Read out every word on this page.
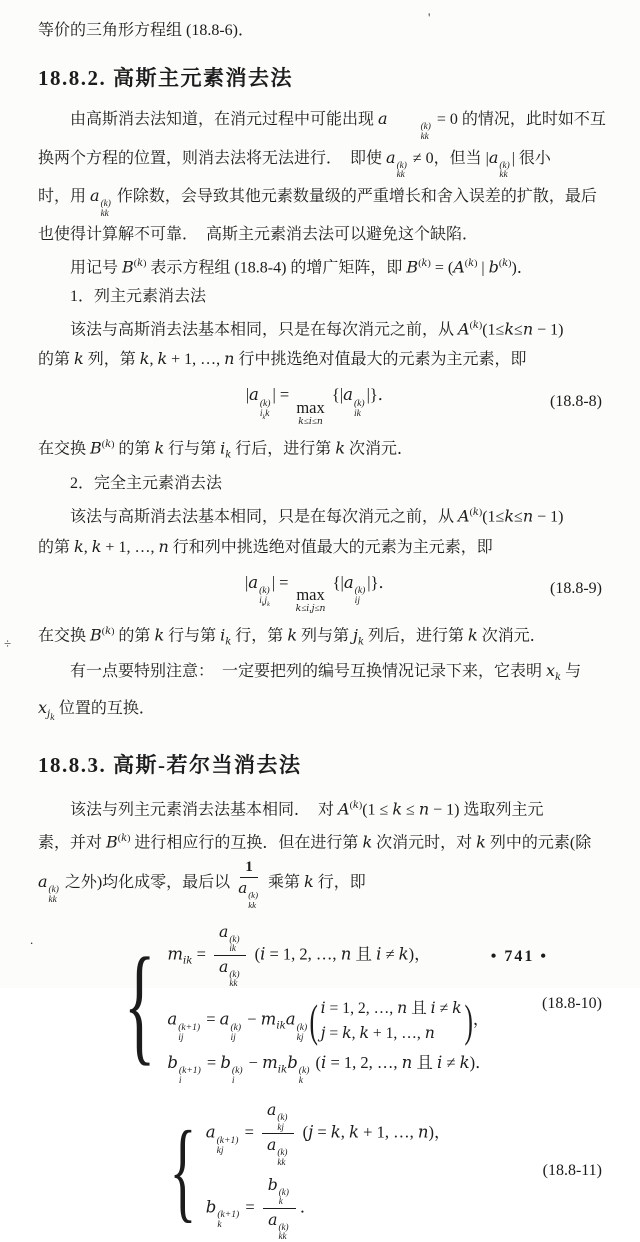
'
÷
.
等价的三角形方程组 (18.8-6)．
18.8.2. 高斯主元素消去法
由高斯消去法知道，在消元过程中可能出现 a	(k)
kk
= 0 的情况，此时如不互
换两个方程的位置，则消去法将无法进行．　即使 a (k)
kk
≠ 0，但当 |a (k)
kk
| 很小
时，用 a (k)
kk
作除数，会导致其他元素数量级的严重增长和舍入误差的扩散，最后
也使得计算解不可靠．　高斯主元素消去法可以避免这个缺陷．
用记号 $B^{(k)}$ 表示方程组 (18.8-4) 的增广矩阵，即 $B^{(k)} = (A^{(k)}$ | $b^{(k)}$)．
1．列主元素消去法
该法与高斯消去法基本相同，只是在每次消元之前，从 $A^{(k)}(1\le k\le n - 1)$
的第 k 列，第 k, k + 1, …, n 行中挑选绝对值最大的元素为主元素，即
|a (k)
$i_kk$
| =
max
k≤i≤n
{|a (k)
ik
|}．	(18.8-8)
在交换 $B^{(k)}$ 的第 k 行与第 $i_k$ 行后，进行第 k 次消元．
2．完全主元素消去法
该法与高斯消去法基本相同，只是在每次消元之前，从 $A^{(k)}(1\le k\le n - 1)$
的第 k, k + 1, …, n 行和列中挑选绝对值最大的元素为主元素，即
|a (k)
$i_kj_k$
| =
max
k≤i,j≤n
{|a (k)
ij
|}．	(18.8-9)
在交换 $B^{(k)}$ 的第 k 行与第 $i_k$ 行，第 k 列与第 $j_k$ 列后，进行第 k 次消元．
有一点要特别注意：　一定要把列的编号互换情况记录下来，它表明 $x_k$ 与
$x_{j_k}$ 位置的互换．
18.8.3. 高斯-若尔当消去法
该法与列主元素消去法基本相同．　对 $A^{(k)}(1 \le k \le n - 1)$ 选取列主元
素，并对 $B^{(k)}$ 进行相应行的互换．但在进行第 k 次消元时，对 k 列中的元素(除
a (k)
kk
之外)均化成零，最后以 1
a (k)
kk 乘第 k 行，即
{
$m_{ik} = a$ (k)
ik
a (k)
kk (i = 1, 2, …, n 且 i ≠ k)，
a (k+1)
ij
= a (k)
ij
− $m_{ik}a$ (k)
kj ( i = 1, 2, …, n 且 i ≠ k
j = k, k + 1, …, n )，
b (k+1)
i
= b (k)
i
− $m_{ik}b$ (k)
k
(i = 1, 2, …, n 且 i ≠ k)．
(18.8-10)
{
a (k+1)
kj
= a (k)
kj
a (k)
kk (j = k, k + 1, …, n)，
b (k+1)
k
= b (k)
k
a (k)
kk ．
(18.8-11)
• 741 •
